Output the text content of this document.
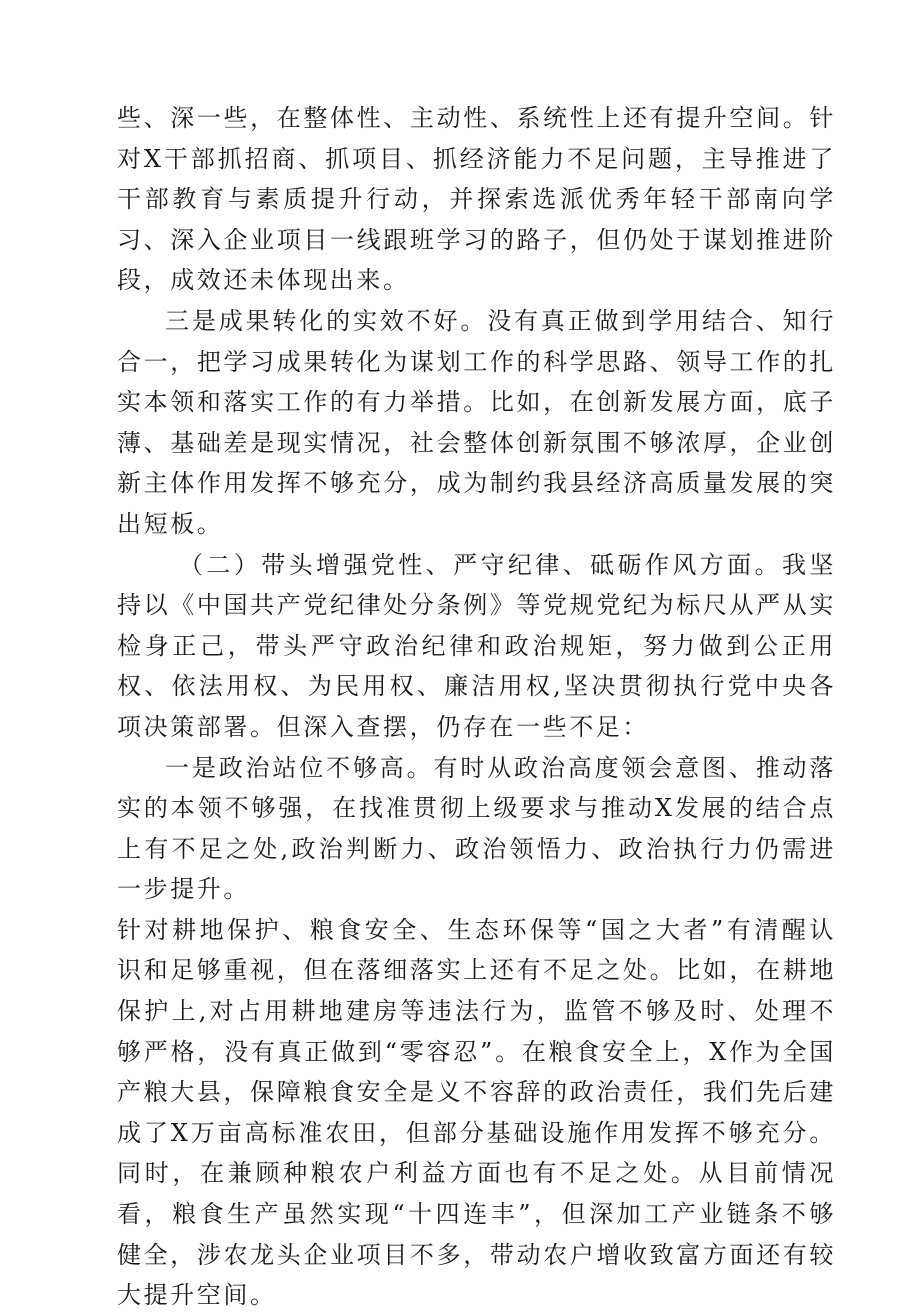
些、深一些，在整体性、主动性、系统性上还有提升空间。针对X干部抓招商、抓项目、抓经济能力不足问题，主导推进了干部教育与素质提升行动，并探索选派优秀年轻干部南向学习、深入企业项目一线跟班学习的路子，但仍处于谋划推进阶段，成效还未体现出来。

三是成果转化的实效不好。没有真正做到学用结合、知行合一，把学习成果转化为谋划工作的科学思路、领导工作的扎实本领和落实工作的有力举措。比如，在创新发展方面，底子薄、基础差是现实情况，社会整体创新氛围不够浓厚，企业创新主体作用发挥不够充分，成为制约我县经济高质量发展的突出短板。

（二）带头增强党性、严守纪律、砥砺作风方面。我坚持以《中国共产党纪律处分条例》等党规党纪为标尺从严从实检身正己，带头严守政治纪律和政治规矩，努力做到公正用权、依法用权、为民用权、廉洁用权,坚决贯彻执行党中央各项决策部署。但深入查摆，仍存在一些不足：

一是政治站位不够高。有时从政治高度领会意图、推动落实的本领不够强，在找准贯彻上级要求与推动X发展的结合点上有不足之处,政治判断力、政治领悟力、政治执行力仍需进一步提升。

针对耕地保护、粮食安全、生态环保等“国之大者”有清醒认识和足够重视，但在落细落实上还有不足之处。比如，在耕地保护上,对占用耕地建房等违法行为，监管不够及时、处理不够严格，没有真正做到“零容忍”。在粮食安全上，X作为全国产粮大县，保障粮食安全是义不容辞的政治责任，我们先后建成了X万亩高标准农田，但部分基础设施作用发挥不够充分。同时，在兼顾种粮农户利益方面也有不足之处。从目前情况看，粮食生产虽然实现“十四连丰”，但深加工产业链条不够健全，涉农龙头企业项目不多，带动农户增收致富方面还有较大提升空间。
